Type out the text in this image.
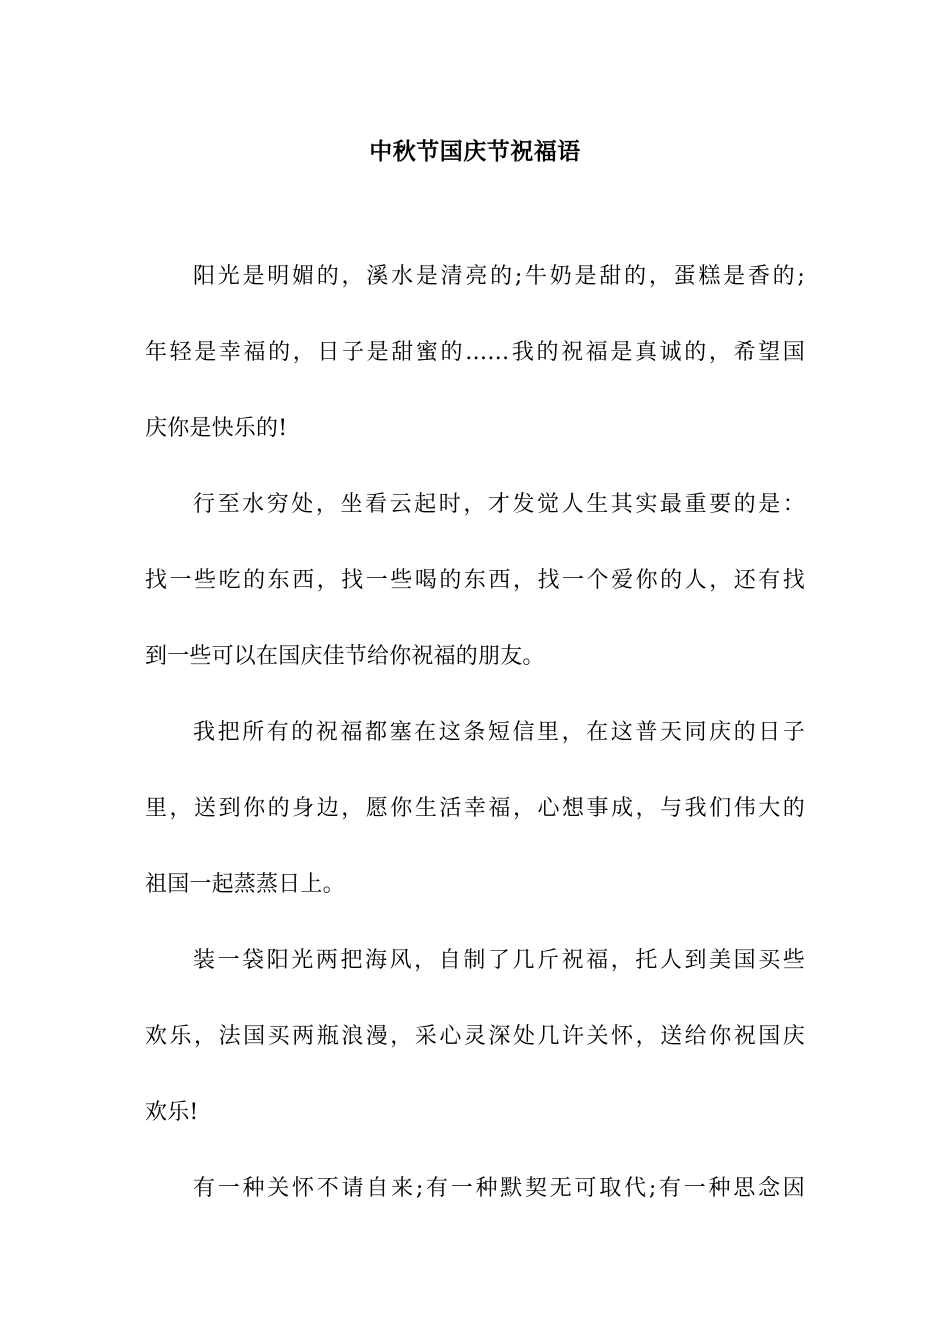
中秋节国庆节祝福语
阳光是明媚的，溪水是清亮的;牛奶是甜的，蛋糕是香的;
年轻是幸福的，日子是甜蜜的……我的祝福是真诚的，希望国
庆你是快乐的!
行至水穷处，坐看云起时，才发觉人生其实最重要的是：
找一些吃的东西，找一些喝的东西，找一个爱你的人，还有找
到一些可以在国庆佳节给你祝福的朋友。
我把所有的祝福都塞在这条短信里，在这普天同庆的日子
里，送到你的身边，愿你生活幸福，心想事成，与我们伟大的
祖国一起蒸蒸日上。
装一袋阳光两把海风，自制了几斤祝福，托人到美国买些
欢乐，法国买两瓶浪漫，采心灵深处几许关怀，送给你祝国庆
欢乐!
有一种关怀不请自来;有一种默契无可取代;有一种思念因
